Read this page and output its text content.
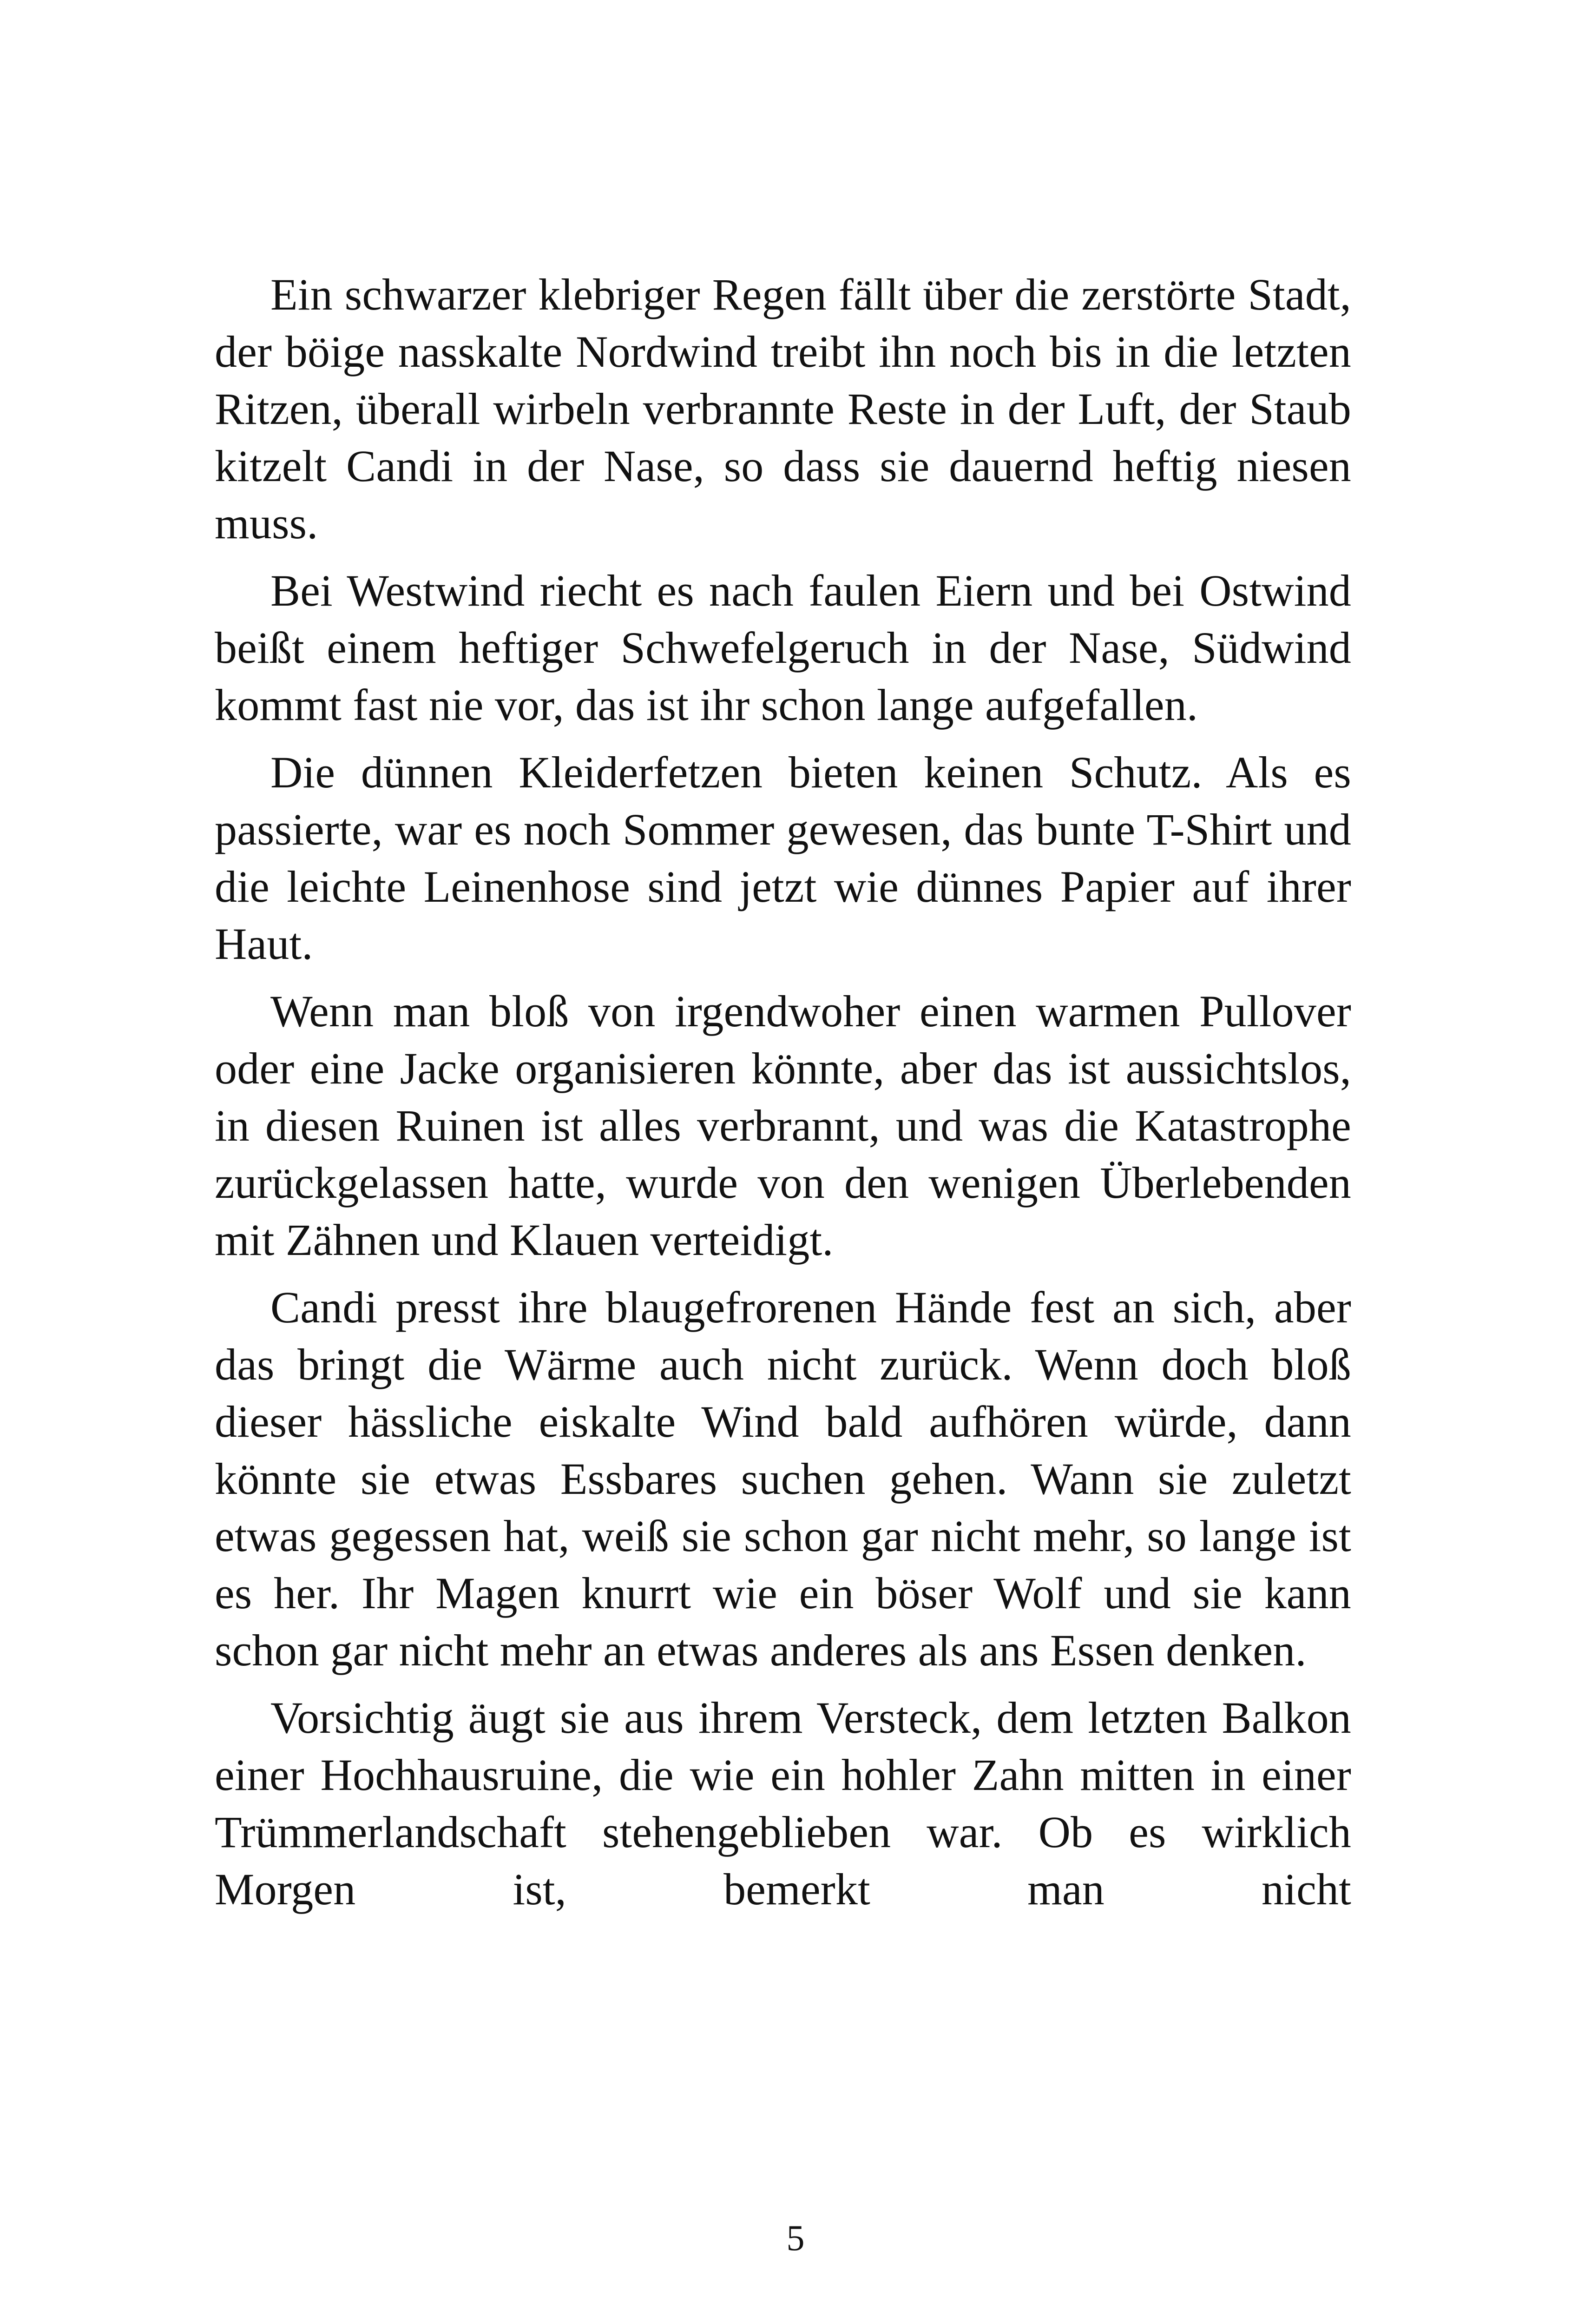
Ein schwarzer klebriger Regen fällt über die zerstörte Stadt, der böige nasskalte Nordwind treibt ihn noch bis in die letzten Ritzen, überall wirbeln verbrannte Reste in der Luft, der Staub kitzelt Candi in der Nase, so dass sie dauernd heftig niesen muss.

Bei Westwind riecht es nach faulen Eiern und bei Ostwind beißt einem heftiger Schwefelgeruch in der Nase, Südwind kommt fast nie vor, das ist ihr schon lange aufgefallen.

Die dünnen Kleiderfetzen bieten keinen Schutz. Als es passierte, war es noch Sommer gewesen, das bunte T-Shirt und die leichte Leinenhose sind jetzt wie dünnes Papier auf ihrer Haut.

Wenn man bloß von irgendwoher einen warmen Pullover oder eine Jacke organisieren könnte, aber das ist aussichtslos, in diesen Ruinen ist alles verbrannt, und was die Katastrophe zurückgelassen hatte, wurde von den wenigen Überlebenden mit Zähnen und Klauen verteidigt.

Candi presst ihre blaugefrorenen Hände fest an sich, aber das bringt die Wärme auch nicht zurück. Wenn doch bloß dieser hässliche eiskalte Wind bald aufhören würde, dann könnte sie etwas Essbares suchen gehen. Wann sie zuletzt etwas gegessen hat, weiß sie schon gar nicht mehr, so lange ist es her. Ihr Magen knurrt wie ein böser Wolf und sie kann schon gar nicht mehr an etwas anderes als ans Essen denken.

Vorsichtig äugt sie aus ihrem Versteck, dem letzten Balkon einer Hochhausruine, die wie ein hohler Zahn mitten in einer Trümmerlandschaft stehengeblieben war. Ob es wirklich Morgen ist, bemerkt man nicht

5
